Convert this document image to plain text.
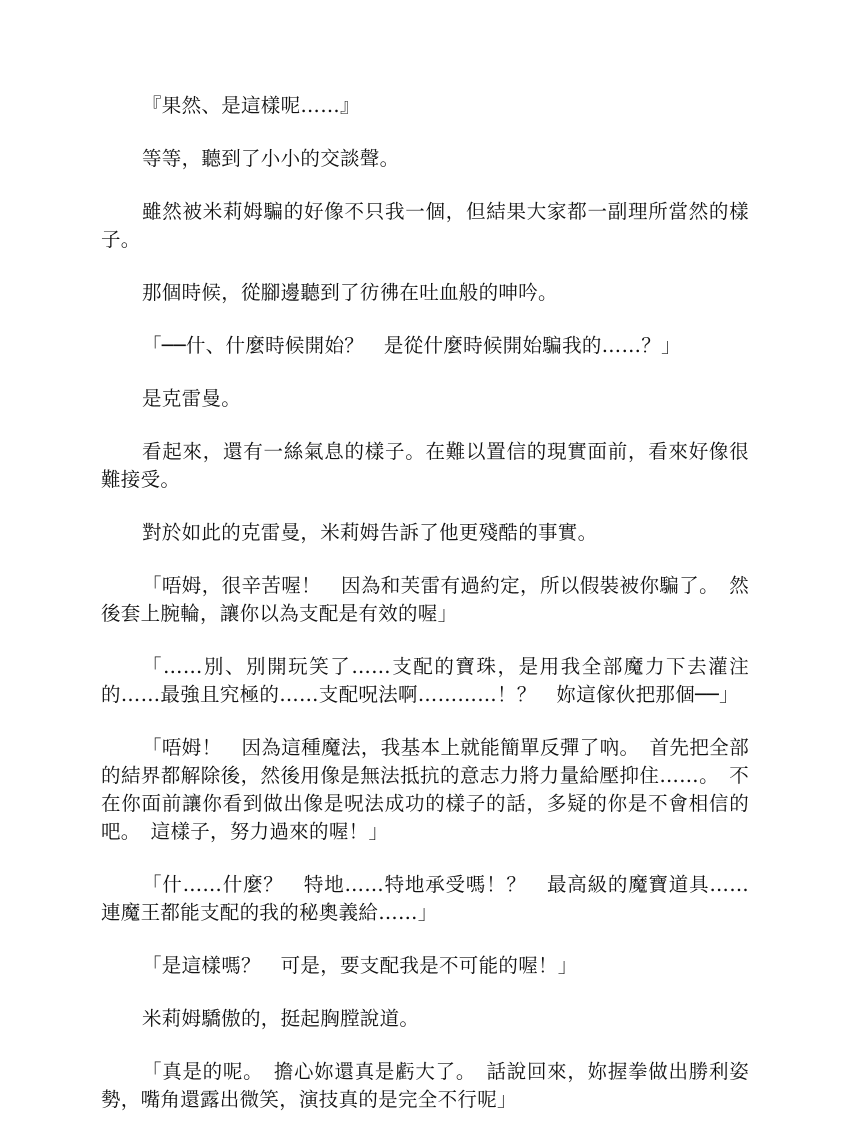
『果然、是這樣呢……』

等等，聽到了小小的交談聲。

雖然被米莉姆騙的好像不只我一個，但結果大家都一副理所當然的樣子。

那個時候，從腳邊聽到了彷彿在吐血般的呻吟。

「──什、什麼時候開始？　是從什麼時候開始騙我的……？」

是克雷曼。

看起來，還有一絲氣息的樣子。在難以置信的現實面前，看來好像很難接受。

對於如此的克雷曼，米莉姆告訴了他更殘酷的事實。

「唔姆，很辛苦喔！　因為和芙雷有過約定，所以假裝被你騙了。　然後套上腕輪，讓你以為支配是有效的喔」

「……別、別開玩笑了……支配的寶珠，是用我全部魔力下去灌注的……最強且究極的……支配呪法啊…………！？　妳這傢伙把那個──」

「唔姆！　因為這種魔法，我基本上就能簡單反彈了吶。　首先把全部的結界都解除後，然後用像是無法抵抗的意志力將力量給壓抑住……。　不在你面前讓你看到做出像是呪法成功的樣子的話，多疑的你是不會相信的吧。　這樣子，努力過來的喔！」

「什……什麼？　特地……特地承受嗎！？　最高級的魔寶道具……連魔王都能支配的我的秘奧義給……」

「是這樣嗎？　可是，要支配我是不可能的喔！」

米莉姆驕傲的，挺起胸膛說道。

「真是的呢。　擔心妳還真是虧大了。　話說回來，妳握拳做出勝利姿勢，嘴角還露出微笑，演技真的是完全不行呢」
